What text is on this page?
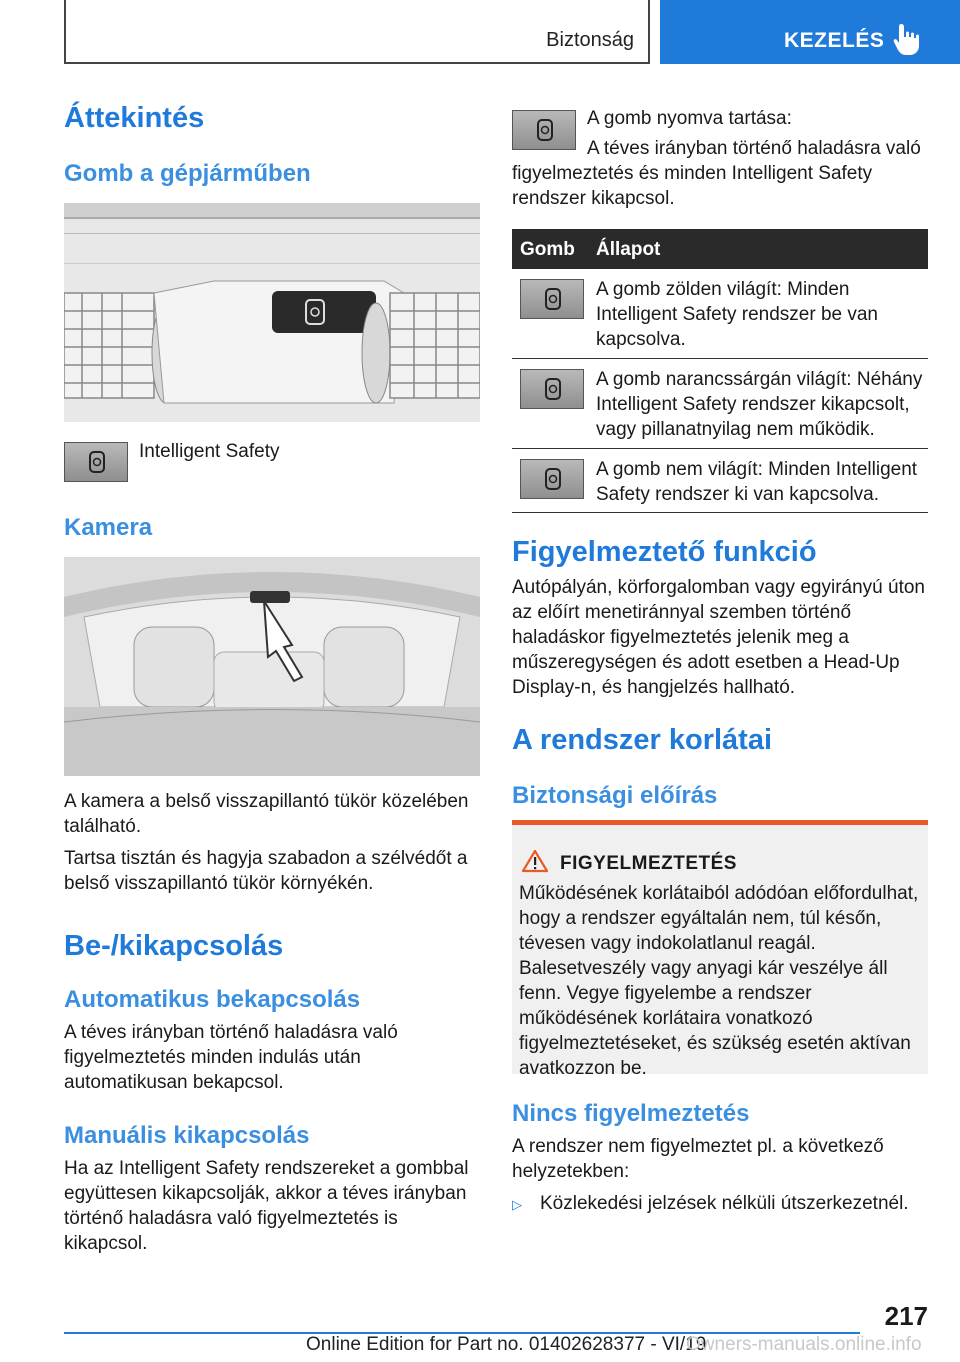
Biztonság	KEZELÉS
Áttekintés
Gomb a gépjárműben
Intelligent Safety
Kamera
A kamera a belső visszapillantó tükör közelében található.
Tartsa tisztán és hagyja szabadon a szélvédőt a belső visszapillantó tükör környékén.
Be-/kikapcsolás
Automatikus bekapcsolás
A téves irányban történő haladásra való figyelmeztetés minden indulás után automatikusan bekapcsol.
Manuális kikapcsolás
Ha az Intelligent Safety rendszereket a gombbal együttesen kikapcsolják, akkor a téves irányban történő haladásra való figyelmeztetés is kikapcsol.
A gomb nyomva tartása:
A téves irányban történő haladásra való figyelmeztetés és minden Intelligent Safety rendszer kikapcsol.
Gomb Állapot
A gomb zölden világít: Minden Intelligent Safety rendszer be van kapcsolva.
A gomb narancssárgán világít: Néhány Intelligent Safety rendszer kikapcsolt, vagy pillanatnyilag nem működik.
A gomb nem világít: Minden Intelligent Safety rendszer ki van kapcsolva.
Figyelmeztető funkció
Autópályán, körforgalomban vagy egyirányú úton az előírt menetiránnyal szemben történő haladáskor figyelmeztetés jelenik meg a műszeregységen és adott esetben a Head-Up Display-n, és hangjelzés hallható.
A rendszer korlátai
Biztonsági előírás
FIGYELMEZTETÉS
Működésének korlátaiból adódóan előfordulhat, hogy a rendszer egyáltalán nem, túl későn, tévesen vagy indokolatlanul reagál. Balesetveszély vagy anyagi kár veszélye áll fenn. Vegye figyelembe a rendszer működésének korlátaira vonatkozó figyelmeztetéseket, és szükség esetén aktívan avatkozzon be.
Nincs figyelmeztetés
A rendszer nem figyelmeztet pl. a következő helyzetekben:
▷ Közlekedési jelzések nélküli útszerkezetnél.
217
Online Edition for Part no. 01402628377 - VI/19
Owners-manuals.online.info
